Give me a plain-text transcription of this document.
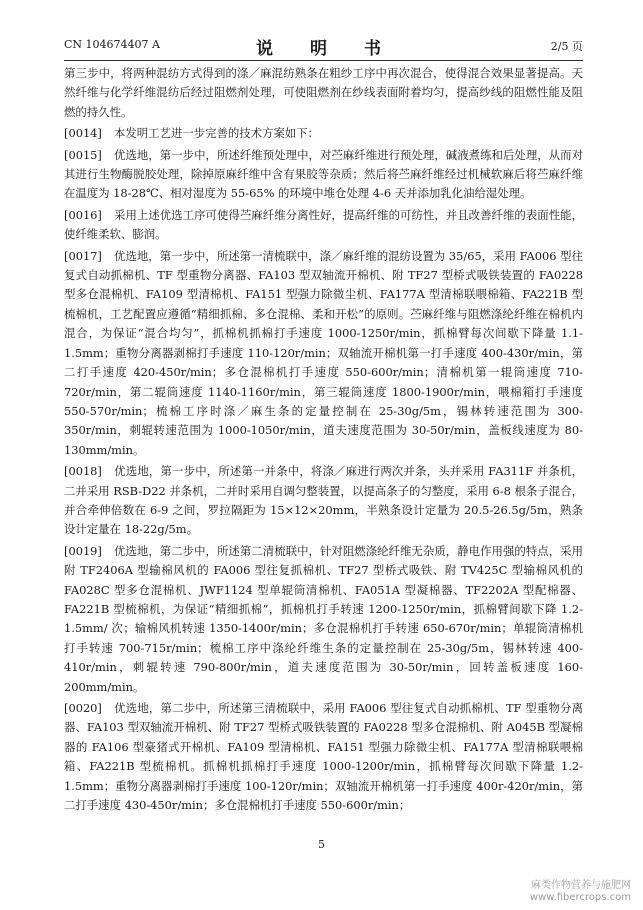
CN 104674407 A	说　明　书	2/5 页

第三步中，将两种混纺方式得到的涤／麻混纺熟条在粗纱工序中再次混合，使得混合效果显著提高。天然纤维与化学纤维混纺后经过阻燃剂处理，可使阻燃剂在纱线表面附着均匀，提高纱线的阻燃性能及阻燃的持久性。

[0014] 本发明工艺进一步完善的技术方案如下：

[0015] 优选地，第一步中，所述纤维预处理中，对苎麻纤维进行预处理，碱液煮练和后处理，从而对其进行生物酶脱胶处理，除掉原麻纤维中含有果胶等杂质；然后将苎麻纤维经过机械软麻后将苎麻纤维在温度为 18-28℃、相对湿度为 55-65% 的环境中堆仓处理 4-6 天并添加乳化油给湿处理。

[0016] 采用上述优选工序可使得苎麻纤维分离性好，提高纤维的可纺性，并且改善纤维的表面性能，使纤维柔软、膨润。

[0017] 优选地，第一步中，所述第一清梳联中，涤／麻纤维的混纺设置为 35/65，采用 FA006 型往复式自动抓棉机、TF 型重物分离器、FA103 型双轴流开棉机、附 TF27 型桥式吸铁装置的 FA0228 型多仓混棉机、FA109 型清棉机、FA151 型强力除微尘机、FA177A 型清棉联喂棉箱、FA221B 型梳棉机，工艺配置应遵循“精细抓棉、多仓混棉、柔和开松”的原则。苎麻纤维与阻燃涤纶纤维在棉机内混合，为保证“混合均匀”，抓棉机抓棉打手速度 1000-1250r/min，抓棉臂每次间歇下降量 1.1-1.5mm；重物分离器剥棉打手速度 110-120r/min；双轴流开棉机第一打手速度 400-430r/min，第二打手速度 420-450r/min；多仓混棉机打手速度 550-600r/min；清棉机第一辊筒速度 710-720r/min，第二辊筒速度 1140-1160r/min，第三辊筒速度 1800-1900r/min，喂棉箱打手速度 550-570r/min；梳棉工序时涤／麻生条的定量控制在 25-30g/5m，锡林转速范围为 300-350r/min，刺辊转速范围为 1000-1050r/min，道夫速度范围为 30-50r/min，盖板线速度为 80-130mm/min。

[0018] 优选地，第一步中，所述第一并条中，将涤／麻进行两次并条，头并采用 FA311F 并条机，二并采用 RSB-D22 并条机，二并时采用自调匀整装置，以提高条子的匀整度，采用 6-8 根条子混合，并合牵伸倍数在 6-9 之间，罗拉隔距为 15×12×20mm，半熟条设计定量为 20.5-26.5g/5m，熟条设计定量在 18-22g/5m。

[0019] 优选地，第二步中，所述第二清梳联中，针对阻燃涤纶纤维无杂质，静电作用强的特点，采用附 TF2406A 型输棉风机的 FA006 型往复抓棉机、TF27 型桥式吸铁、附 TV425C 型输棉风机的 FA028C 型多仓混棉机、JWF1124 型单辊筒清棉机、FA051A 型凝棉器、TF2202A 型配棉器、FA221B 型梳棉机，为保证“精细抓棉”，抓棉机打手转速 1200-1250r/min，抓棉臂间歇下降 1.2-1.5mm/ 次；输棉风机转速 1350-1400r/min；多仓混棉机打手转速 650-670r/min；单辊筒清棉机打手转速 700-715r/min；梳棉工序中涤纶纤维生条的定量控制在 25-30g/5m，锡林转速 400-410r/min，刺辊转速 790-800r/min，道夫速度范围为 30-50r/min，回转盖板速度 160-200mm/min。

[0020] 优选地，第二步中，所述第三清梳联中，采用 FA006 型往复式自动抓棉机、TF 型重物分离器、FA103 型双轴流开棉机、附 TF27 型桥式吸铁装置的 FA0228 型多仓混棉机、附 A045B 型凝棉器的 FA106 型豪猪式开棉机、FA109 型清棉机、FA151 型强力除微尘机、FA177A 型清棉联喂棉箱、FA221B 型梳棉机。抓棉机抓棉打手速度 1000-1200r/min，抓棉臂每次间歇下降量 1.2-1.5mm；重物分离器剥棉打手速度 100-120r/min；双轴流开棉机第一打手速度 400r-420r/min，第二打手速度 430-450r/min；多仓混棉机打手速度 550-600r/min；

5
麻类作物营养与施肥网
www.fibercrops.com
